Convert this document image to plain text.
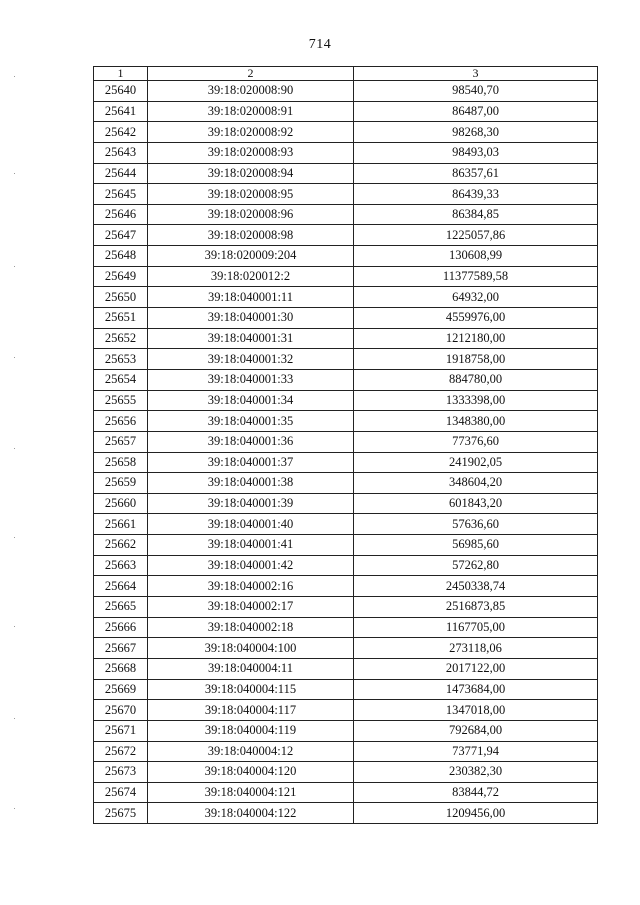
714
1	2	3
25640	39:18:020008:90	98540,70
25641	39:18:020008:91	86487,00
25642	39:18:020008:92	98268,30
25643	39:18:020008:93	98493,03
25644	39:18:020008:94	86357,61
25645	39:18:020008:95	86439,33
25646	39:18:020008:96	86384,85
25647	39:18:020008:98	1225057,86
25648	39:18:020009:204	130608,99
25649	39:18:020012:2	11377589,58
25650	39:18:040001:11	64932,00
25651	39:18:040001:30	4559976,00
25652	39:18:040001:31	1212180,00
25653	39:18:040001:32	1918758,00
25654	39:18:040001:33	884780,00
25655	39:18:040001:34	1333398,00
25656	39:18:040001:35	1348380,00
25657	39:18:040001:36	77376,60
25658	39:18:040001:37	241902,05
25659	39:18:040001:38	348604,20
25660	39:18:040001:39	601843,20
25661	39:18:040001:40	57636,60
25662	39:18:040001:41	56985,60
25663	39:18:040001:42	57262,80
25664	39:18:040002:16	2450338,74
25665	39:18:040002:17	2516873,85
25666	39:18:040002:18	1167705,00
25667	39:18:040004:100	273118,06
25668	39:18:040004:11	2017122,00
25669	39:18:040004:115	1473684,00
25670	39:18:040004:117	1347018,00
25671	39:18:040004:119	792684,00
25672	39:18:040004:12	73771,94
25673	39:18:040004:120	230382,30
25674	39:18:040004:121	83844,72
25675	39:18:040004:122	1209456,00
